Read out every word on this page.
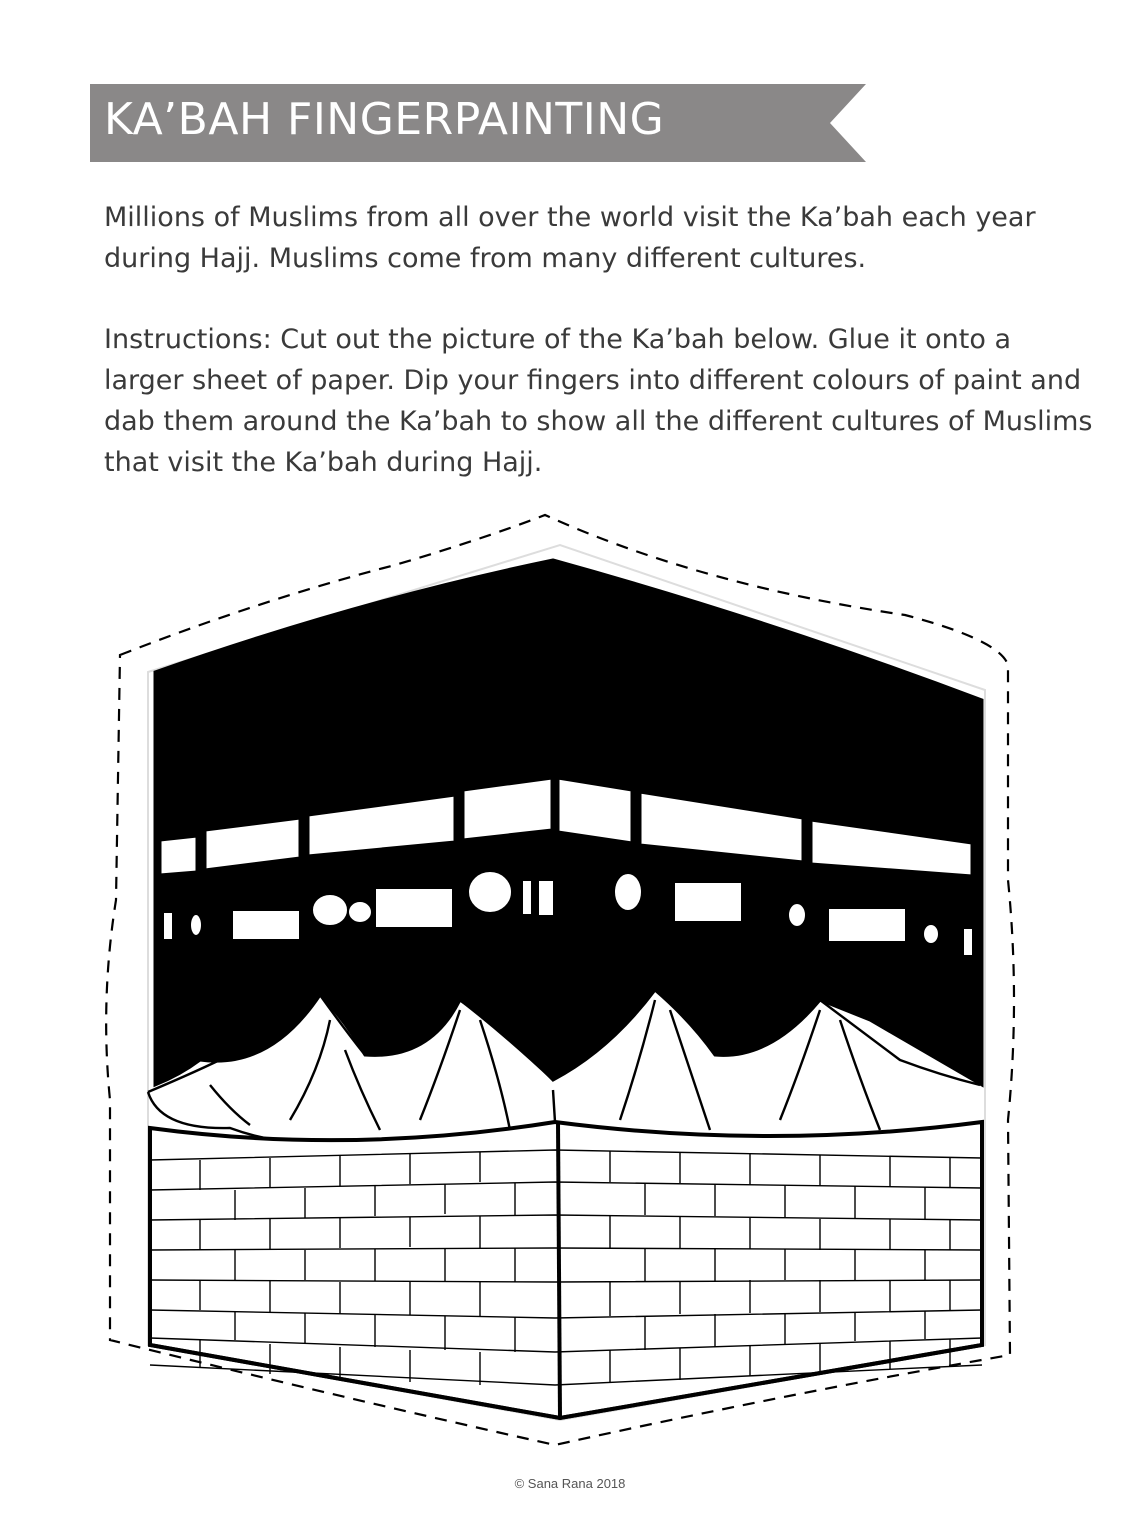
KA’BAH FINGERPAINTING

Millions of Muslims from all over the world visit the Ka’bah each year during Hajj. Muslims come from many different cultures.

Instructions: Cut out the picture of the Ka’bah below. Glue it onto a larger sheet of paper. Dip your fingers into different colours of paint and dab them around the Ka’bah to show all the different cultures of Muslims that visit the Ka’bah during Hajj.

© Sana Rana 2018
